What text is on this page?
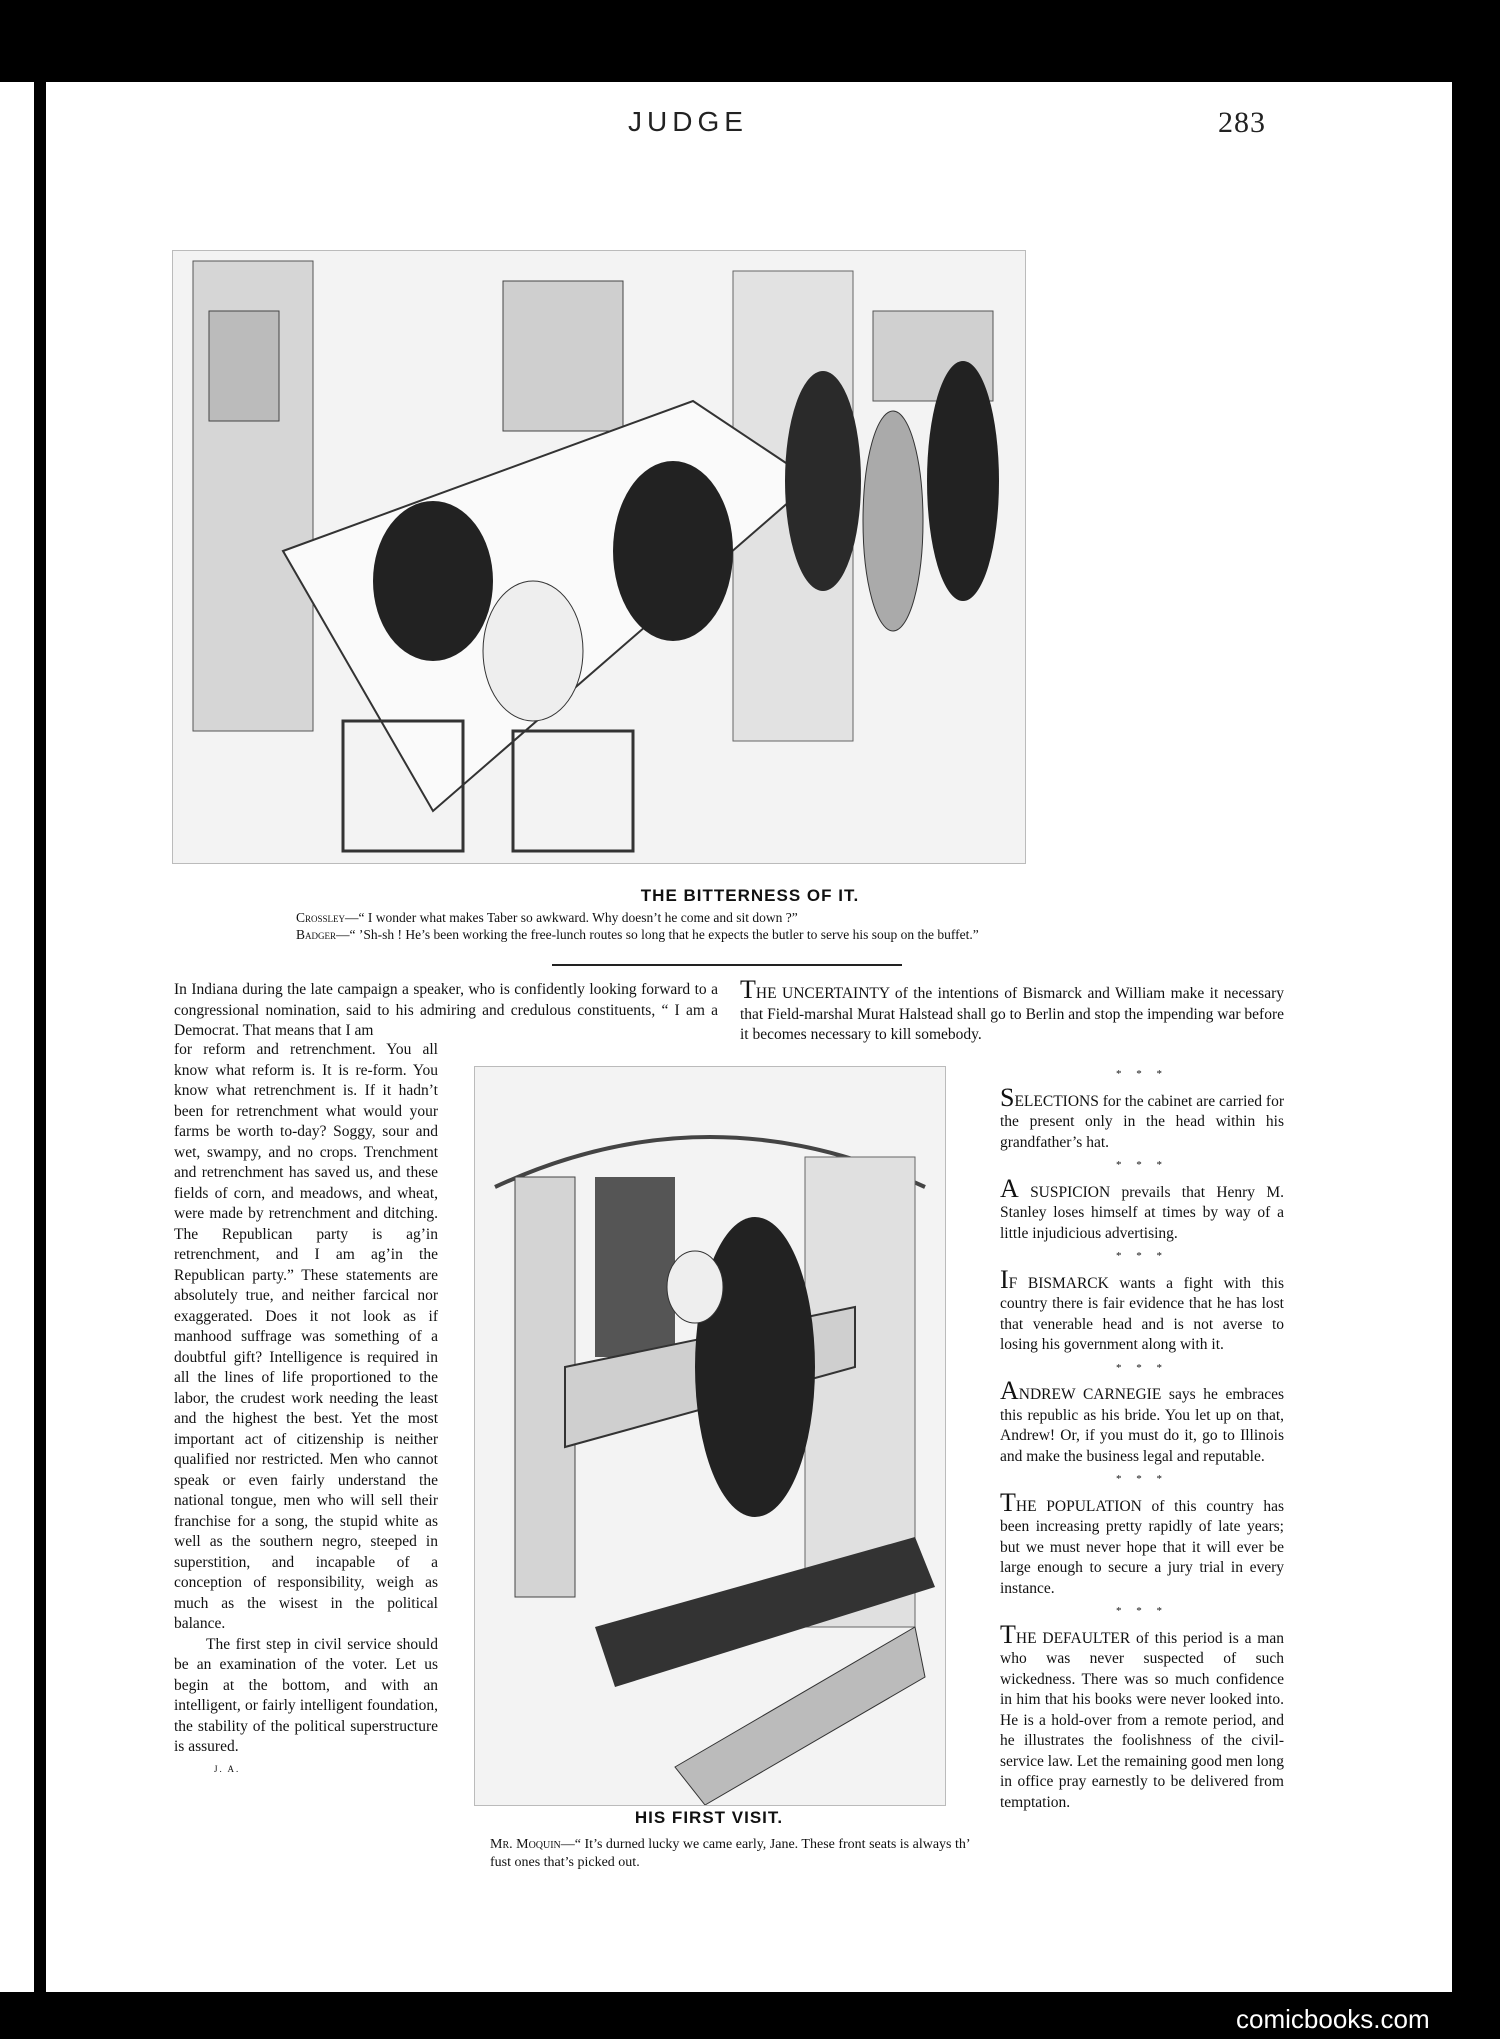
JUDGE	283
THE BITTERNESS OF IT.
Crossley—“ I wonder what makes Taber so awkward. Why doesn’t he come and sit down ?”
Badger—“ ’Sh-sh ! He’s been working the free-lunch routes so long that he expects the butler to serve his soup on the buffet.”

In Indiana during the late campaign a speaker, who is confidently looking forward to a congressional nomination, said to his admiring and credulous constituents, “ I am a Democrat. That means that I am

for reform and retrenchment. You all know what reform is. It is re-form. You know what retrenchment is. If it hadn’t been for retrenchment what would your farms be worth to-day? Soggy, sour and wet, swampy, and no crops. Trenchment and retrenchment has saved us, and these fields of corn, and meadows, and wheat, were made by retrenchment and ditching. The Republican party is ag’in retrenchment, and I am ag’in the Republican party.” These statements are absolutely true, and neither farcical nor exaggerated. Does it not look as if manhood suffrage was something of a doubtful gift? Intelligence is required in all the lines of life proportioned to the labor, the crudest work needing the least and the highest the best. Yet the most important act of citizenship is neither qualified nor restricted. Men who cannot speak or even fairly understand the national tongue, men who will sell their franchise for a song, the stupid white as well as the southern negro, steeped in superstition, and incapable of a conception of responsibility, weigh as much as the wisest in the political balance.

The first step in civil service should be an examination of the voter. Let us begin at the bottom, and with an intelligent, or fairly intelligent foundation, the stability of the political superstructure is assured.

J. A.

THE UNCERTAINTY of the intentions of Bismarck and William make it necessary that Field-marshal Murat Halstead shall go to Berlin and stop the impending war before it becomes necessary to kill somebody.

* * *

SELECTIONS for the cabinet are carried for the present only in the head within his grandfather’s hat.

* * *

A SUSPICION prevails that Henry M. Stanley loses himself at times by way of a little injudicious advertising.

* * *

IF BISMARCK wants a fight with this country there is fair evidence that he has lost that venerable head and is not averse to losing his government along with it.

* * *

ANDREW CARNEGIE says he embraces this republic as his bride. You let up on that, Andrew! Or, if you must do it, go to Illinois and make the business legal and reputable.

* * *

THE POPULATION of this country has been increasing pretty rapidly of late years; but we must never hope that it will ever be large enough to secure a jury trial in every instance.

* * *

THE DEFAULTER of this period is a man who was never suspected of such wickedness. There was so much confidence in him that his books were never looked into. He is a hold-over from a remote period, and he illustrates the foolishness of the civil-service law. Let the remaining good men long in office pray earnestly to be delivered from temptation.

HIS FIRST VISIT.
Mr. Moquin—“ It’s durned lucky we came early, Jane. These front seats is always th’ fust ones that’s picked out.
comicbooks.com
